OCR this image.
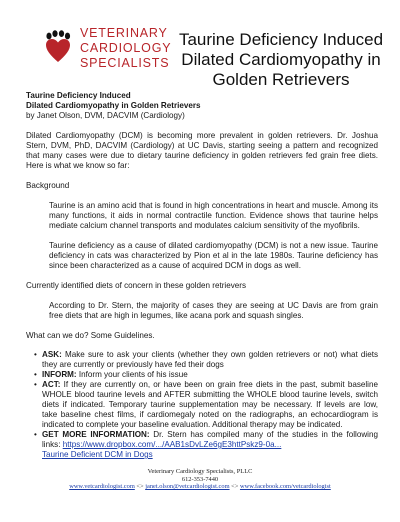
VETERINARY
CARDIOLOGY
SPECIALISTS
Taurine Deficiency Induced
Dilated Cardiomyopathy in
Golden Retrievers

Taurine Deficiency Induced

Dilated Cardiomyopathy in Golden Retrievers

by Janet Olson, DVM, DACVIM (Cardiology)

Dilated Cardiomyopathy (DCM) is becoming more prevalent in golden retrievers. Dr. Joshua Stern, DVM, PhD, DACVIM (Cardiology) at UC Davis, starting seeing a pattern and recognized that many cases were due to dietary taurine deficiency in golden retrievers fed grain free diets. Here is what we know so far:

Background

Taurine is an amino acid that is found in high concentrations in heart and muscle. Among its many functions, it aids in normal contractile function. Evidence shows that taurine helps mediate calcium channel transports and modulates calcium sensitivity of the myofibrils.

Taurine deficiency as a cause of dilated cardiomyopathy (DCM) is not a new issue. Taurine deficiency in cats was characterized by Pion et al in the late 1980s. Taurine deficiency has since been characterized as a cause of acquired DCM in dogs as well.

Currently identified diets of concern in these golden retrievers

According to Dr. Stern, the majority of cases they are seeing at UC Davis are from grain free diets that are high in legumes, like acana pork and squash singles.

What can we do? Some Guidelines.

• ASK: Make sure to ask your clients (whether they own golden retrievers or not) what diets they are currently or previously have fed their dogs
• INFORM: Inform your clients of his issue
• ACT: If they are currently on, or have been on grain free diets in the past, submit baseline WHOLE blood taurine levels and AFTER submitting the WHOLE blood taurine levels, switch diets if indicated. Temporary taurine supplementation may be necessary. If levels are low, take baseline chest films, if cardiomegaly noted on the radiographs, an echocardiogram is indicated to complete your baseline evaluation. Additional therapy may be indicated.
• GET MORE INFORMATION: Dr. Stern has compiled many of the studies in the following links: https://www.dropbox.com/.../AAB1sDvLZe6gE3httPskz9-0a...
Taurine Deficient DCM in Dogs
Veterinary Cardiology Specialists, PLLC
612-353-7440
www.vetcardiologist.com <> janet.olson@vetcardiologist.com <> www.facebook.com/vetcardiologist
